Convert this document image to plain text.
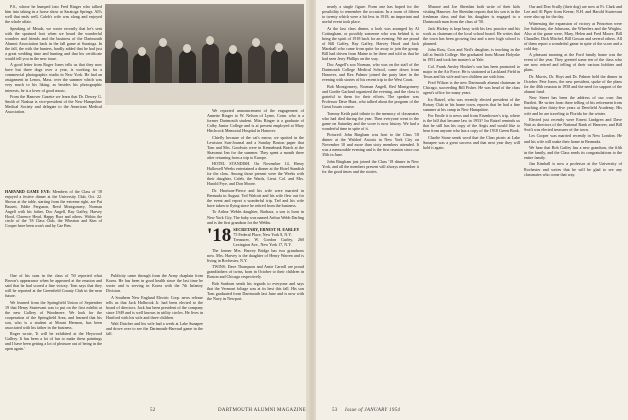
P.S., whose he bumped into Fred Ringer who talked him into taking in a horse show at Saratoga Springs. All's well that ends well, Caleb's wife was along and enjoyed the whole affair.

Speaking of Meads, we wrote recently that he's sent with the sprained foot when we heard the wonderful wonders and friends and the business of the Dartmouth Alumni Association back in the fall game at Saratoga. In the fall, the with the hunters, hardly added that he had just a great wedding time and hunting and that his certificate would tell you in the new issue.

A good letter from Roger Jones tells us that they now have but three dogs over a year, is working for a commercial photographic studio in New York. He had an assignment in Lenox, Mass. over the summer which was very much to his liking, as besides his photographic interests, he is a lover of good music.

From the Hanover Gazette we learn that Dr. Dewey G. Smith of Nashua is vice-president of the New Hampshire Medical Society and delegate to the American Medical Association.

HARVARD GAME EVE: Members of the Class of '18 enjoyed a festive dinner at the University Club, Oct. 22. Shown at the table, starting from the extreme right, are Pat Bassett, Eddie Ferguson, Reed Montgomery, Norman Angell with his father, Doc Angell, Ray Gaffey, Harvey Hood, Clarence Head, Happy Burr and others. Within the circle of the '18 Class Club, the Wheaton and Kim of Cooper have been won's and by Cae Ben.

One of his sons in the class of '50 reported what Brown's appearance when he appeared at the reunion and said that he had scored a fine victory. Tom says that they will be reported at the Greenfield County Club in the near future.

We learned from the Springfield Union of September 19 that Henry Sturtevant was to put on the first exhibit at the new Gallery of Woodmere. We look for the cooperation of the Springfield Area, and learned that his son, who is a student at Mount Hermon, has been associated with his father in the business.

Roger wrote, 'It will be exhibited at the Heywood Gallery. It has been a lot of fun to make these paintings and I have been getting a lot of pleasure out of being in the open again.'

Publicity came through from the Army chaplain from Korea. He has been in good health since the last time he wrote and is serving in Korea with the 7th Infantry Division.

A Southern New England Electric Corp. news release tells us that Jack Holbrook Jr. had been elected to the board of directors. Jack has been president of the company since 1949 and is well known in utility circles. He lives in Hartford with his wife and three children.

Walt Dutcher and his wife had a week at Lake Sunapee and drove over to see the Dartmouth-Harvard game in the fall.

We reported announcement of the engagement of Annette Ringer to W. Nelson of Lyme, Conn. who is a former Dartmouth student. Miss Ringer is a graduate of Colby Junior College and is at present employed at Mary Hitchcock Memorial Hospital in Hanover.

Chiefly because of the cat's meow, we spotted in the Lewiston Sun-Journal and a Sunday Boston paper that Tom and Mrs. Goodwin were in Kennebunk Beach at the Shawmut Inn for the summer. They spent a month there after returning from a trip to Europe.

HOTEL STANDISH. On November 14, Henry Hallowell Weeks entertained a dinner at the Hotel Standish for the class. Among those present were the Weeks with their daughter, Caleb, the Wards, Lieut. Col. and Mrs. Harold Frye, and Don Moore.

Dr. Harrison-Pierce and his wife were married in Bermuda in August. Ted Walcott and his wife flew out for the event and report a wonderful trip. Ted and his wife have taken to flying since he retired from the business.

To Arthur Webbs daughter, Barbara, a son is born in New York City. The baby was named Arthur Webb Darling and is the first grandson for the Webbs.

'18 SECRETARY, ERNEST H. EARLEY
75 Federal Place, New York 8, N.Y.
Treasurer, W. Gordon Gurley, 260 Lexington Ave., New York 17, N.Y.

The former Mrs. Harvey Bridge has two grandsons now. Mrs. Harvey is the daughter of Henry Warren and is living in Rochester, N.Y.

TWINS: Dave Thompson and Arnie Carroll are proud grandfathers of twins, born in October to their children in Boston and Chicago respectively.

Bob Sanborn sends his regards to everyone and says that the Vermont foliage was at its best this fall. His son Tom graduated from Dartmouth last June and is now with the Navy in Newport.

nearly a single figure. From one has hoped for the possibility to remember the occasion. In a room of fifteen to twenty which were a bit less in 1918, an important and useful event took place.

At the last class dinner, a look was arranged by Al Cottingham, or possibly someone who was behind it, to bring the spirit of 1918 back for an evening. We are proud of Bill Gaffey, Ray Gaffey, Harvey Hood and Jack Marshall who came from quite far away to join the group. Bill had driven from Maine to be there and told us that he had seen Jerry Phillips on the way.

Doc Angell's son Norman, who was on the staff of the Dartmouth College Medical School, came down from Hanover, and Rex Palmer joined the party later in the evening with stories of his recent trip to the West Coast.

Bob Montgomery, Norman Angell, Red Montgomery and Gordie Garland organized the evening, and the class is grateful to them for their efforts. The speaker was Professor Dave Hunt, who talked about the program of the Great Issues course.

Tommy Keith paid tribute to the memory of classmates who had died during the year. Then everyone went to the game on Saturday and the score is now history. We had a wonderful time in spite of it.

Pictured: John Bingham was host to the Class '18 dinner at the Waldorf Astoria in New York City on November 10 and more than sixty members attended. It was a memorable evening and is the first reunion since our 35th in June.

John Bingham just joined the Class '18 dinner in New York, and all the members present will always remember it for the good times and the stories.

Munroe and Joe Sheridan both write of their kids visiting Hanover. Joe Sheridan reports that his son is in the freshman class and that his daughter is engaged to a Dartmouth man from the class of '50.

Jack Hickey is kept busy with his law practice and his work as chairman of the local school board. He writes that the town has been growing fast and a new high school is planned.

John Ross, Cros and Neil's daughter, is teaching in the fall at Smith College. She graduated from Mount Holyoke in 1951 and took her master's at Yale.

Col. Frank Ansley Hooker's son has been promoted to major in the Air Force. He is stationed at Lackland Field in Texas and his wife and two children are with him.

Fred Wilson is the new Dartmouth alumni chairman in Chicago, succeeding Bill Fisher. He was head of the class agent's office for many years.

Ira Ratzel, who was recently elected president of the Rotary Club in his home town, reports that he had a fine summer at his camp in New Hampshire.

For Emile it is news and from Eisenhower's trip, where is the bill that became law in 1953? Ira Ratzel reminds us that he still has his copy of the Aegis and would like to hear from anyone who has a copy of the 1918 Green Book.

Charlie Stone sends word that the Class picnic at Lake Sunapee was a great success and that next year they will hold it again.

Our and Don Scully (their dog) are now at Ft. Clark and Lee and Al Piper from Keene, N.H. and Harold Sturtevant were also up for the day.

Witnessing the expansion of victory at Princeton were Joe Salisbury, the Johnsons, the Wheelers and the Wrights. Also at the game were, Mary, Helen and Fred Moore, Bill Chandler, Dick Mitchel, Bill Gowan and several others. All of them report a wonderful game in spite of the score and a cold day.

A pleasant morning at the Ford family home was the event of the year. They greeted some ten of the class who are now retired and telling of their various hobbies and plans.

Dr. Morris, Dr. Hoyt and Dr. Palmer held the dinner in October. Pete Jones, the new president, spoke of the plans for the 40th reunion in 1958 and the need for support of the alumni fund.

New Street has been the address of our own Jim Bartlett. He writes from there telling of his retirement from teaching after thirty-five years at Deerfield Academy. His wife and he are traveling to Florida for the winter.

Elected just recently were Ernest Lindgren and Dave Nutt as directors of the National Bank of Hanover, and Bill Swift was elected treasurer of the town.

Les Cooper was married recently in New London. He and his wife will make their home in Bermuda.

We hear that Bob Gaffey has a new grandson, the fifth in the family, and the Class sends its congratulations to the entire family.

Jim Kimball is now a professor at the University of Rochester and writes that he will be glad to see any classmates who come that way.

52	DARTMOUTH ALUMNI MAGAZINE	53 Issue of JANUARY 1954
